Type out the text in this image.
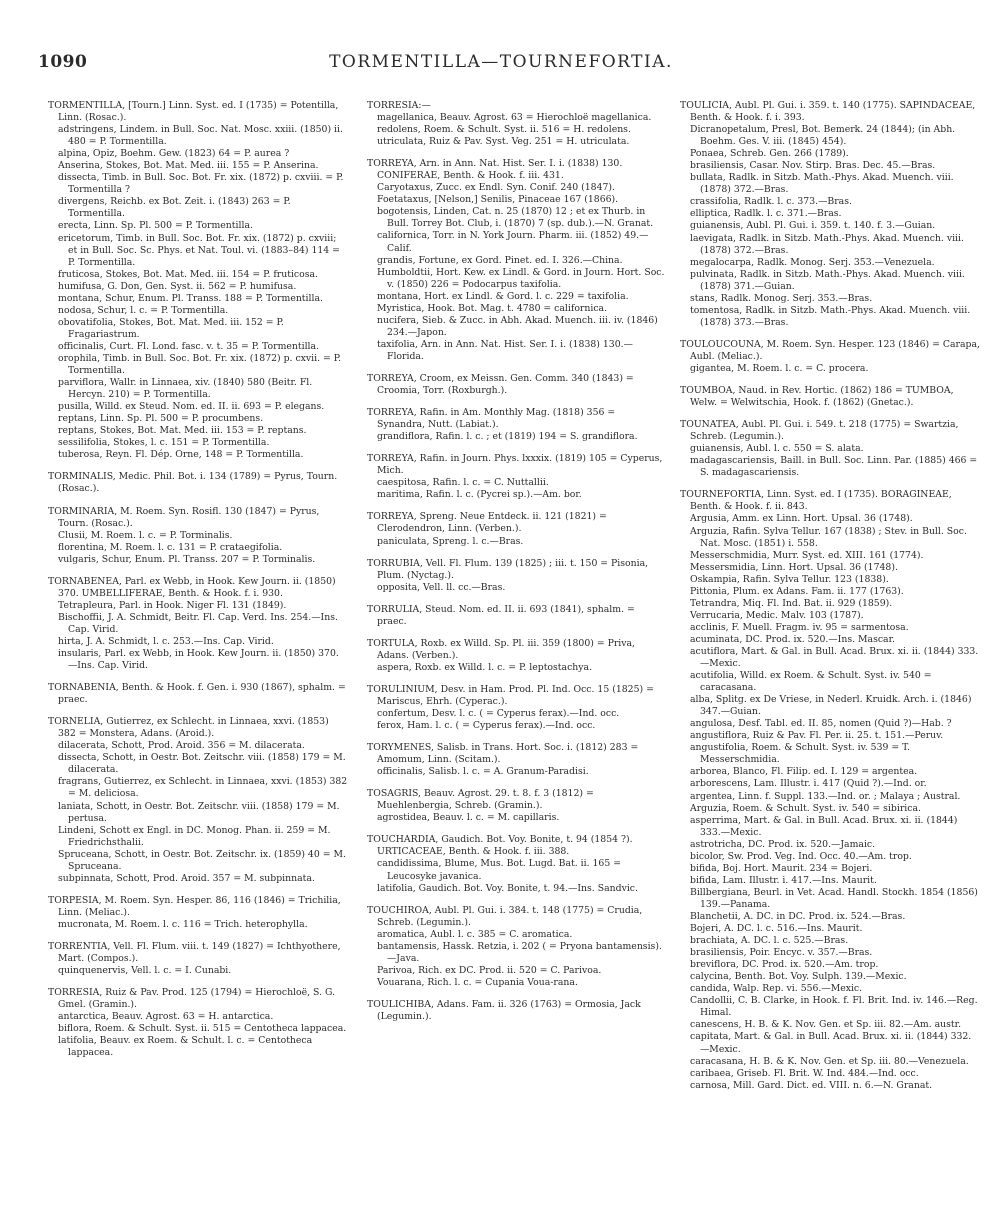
1090	TORMENTILLA—TOURNEFORTIA.
TORMENTILLA, [Tourn.] Linn. Syst. ed. I (1735) = Potentilla, Linn. (Rosac.).
adstringens, Lindem. in Bull. Soc. Nat. Mosc. xxiii. (1850) ii. 480 = P. Tormentilla.
alpina, Opiz, Boehm. Gew. (1823) 64 = P. aurea ?
Anserina, Stokes, Bot. Mat. Med. iii. 155 = P. Anserina.
dissecta, Timb. in Bull. Soc. Bot. Fr. xix. (1872) p. cxviii. = P. Tormentilla ?
divergens, Reichb. ex Bot. Zeit. i. (1843) 263 = P. Tormentilla.
erecta, Linn. Sp. Pl. 500 = P. Tormentilla.
ericetorum, Timb. in Bull. Soc. Bot. Fr. xix. (1872) p. cxviii; et in Bull. Soc. Sc. Phys. et Nat. Toul. vi. (1883–84) 114 = P. Tormentilla.
fruticosa, Stokes, Bot. Mat. Med. iii. 154 = P. fruticosa.
humifusa, G. Don, Gen. Syst. ii. 562 = P. humifusa.
montana, Schur, Enum. Pl. Transs. 188 = P. Tormentilla.
nodosa, Schur, l. c. = P. Tormentilla.
obovatifolia, Stokes, Bot. Mat. Med. iii. 152 = P. Fragariastrum.
officinalis, Curt. Fl. Lond. fasc. v. t. 35 = P. Tormentilla.
orophila, Timb. in Bull. Soc. Bot. Fr. xix. (1872) p. cxvii. = P. Tormentilla.
parviflora, Wallr. in Linnaea, xiv. (1840) 580 (Beitr. Fl. Hercyn. 210) = P. Tormentilla.
pusilla, Willd. ex Steud. Nom. ed. II. ii. 693 = P. elegans.
reptans, Linn. Sp. Pl. 500 = P. procumbens.
reptans, Stokes, Bot. Mat. Med. iii. 153 = P. reptans.
sessilifolia, Stokes, l. c. 151 = P. Tormentilla.
tuberosa, Reyn. Fl. Dép. Orne, 148 = P. Tormentilla.
TORMINALIS, Medic. Phil. Bot. i. 134 (1789) = Pyrus, Tourn. (Rosac.).
TORMINARIA, M. Roem. Syn. Rosifl. 130 (1847) = Pyrus, Tourn. (Rosac.).
Clusii, M. Roem. l. c. = P. Torminalis.
florentina, M. Roem. l. c. 131 = P. crataegifolia.
vulgaris, Schur, Enum. Pl. Transs. 207 = P. Torminalis.
TORNABENEA, Parl. ex Webb, in Hook. Kew Journ. ii. (1850) 370. UMBELLIFERAE, Benth. & Hook. f. i. 930.
Tetrapleura, Parl. in Hook. Niger Fl. 131 (1849).
Bischoffii, J. A. Schmidt, Beitr. Fl. Cap. Verd. Ins. 254.—Ins. Cap. Virid.
hirta, J. A. Schmidt, l. c. 253.—Ins. Cap. Virid.
insularis, Parl. ex Webb, in Hook. Kew Journ. ii. (1850) 370.—Ins. Cap. Virid.
TORNABENIA, Benth. & Hook. f. Gen. i. 930 (1867), sphalm. = praec.
TORNELIA, Gutierrez, ex Schlecht. in Linnaea, xxvi. (1853) 382 = Monstera, Adans. (Aroid.).
dilacerata, Schott, Prod. Aroid. 356 = M. dilacerata.
dissecta, Schott, in Oestr. Bot. Zeitschr. viii. (1858) 179 = M. dilacerata.
fragrans, Gutierrez, ex Schlecht. in Linnaea, xxvi. (1853) 382 = M. deliciosa.
laniata, Schott, in Oestr. Bot. Zeitschr. viii. (1858) 179 = M. pertusa.
Lindeni, Schott ex Engl. in DC. Monog. Phan. ii. 259 = M. Friedrichsthalii.
Spruceana, Schott, in Oestr. Bot. Zeitschr. ix. (1859) 40 = M. Spruceana.
subpinnata, Schott, Prod. Aroid. 357 = M. subpinnata.
TORPESIA, M. Roem. Syn. Hesper. 86, 116 (1846) = Trichilia, Linn. (Meliac.).
mucronata, M. Roem. l. c. 116 = Trich. heterophylla.
TORRENTIA, Vell. Fl. Flum. viii. t. 149 (1827) = Ichthyothere, Mart. (Compos.).
quinquenervis, Vell. l. c. = I. Cunabi.
TORRESIA, Ruiz & Pav. Prod. 125 (1794) = Hierochloë, S. G. Gmel. (Gramin.).
antarctica, Beauv. Agrost. 63 = H. antarctica.
biflora, Roem. & Schult. Syst. ii. 515 = Centotheca lappacea.
latifolia, Beauv. ex Roem. & Schult. l. c. = Centotheca lappacea.
TORRESIA:—
magellanica, Beauv. Agrost. 63 = Hierochloë magellanica.
redolens, Roem. & Schult. Syst. ii. 516 = H. redolens.
utriculata, Ruiz & Pav. Syst. Veg. 251 = H. utriculata.
TORREYA, Arn. in Ann. Nat. Hist. Ser. I. i. (1838) 130. CONIFERAE, Benth. & Hook. f. iii. 431.
Caryotaxus, Zucc. ex Endl. Syn. Conif. 240 (1847).
Foetataxus, [Nelson,] Senilis, Pinaceae 167 (1866).
bogotensis, Linden, Cat. n. 25 (1870) 12 ; et ex Thurb. in Bull. Torrey Bot. Club, i. (1870) 7 (sp. dub.).—N. Granat.
californica, Torr. in N. York Journ. Pharm. iii. (1852) 49.—Calif.
grandis, Fortune, ex Gord. Pinet. ed. I. 326.—China.
Humboldtii, Hort. Kew. ex Lindl. & Gord. in Journ. Hort. Soc. v. (1850) 226 = Podocarpus taxifolia.
montana, Hort. ex Lindl. & Gord. l. c. 229 = taxifolia.
Myristica, Hook. Bot. Mag. t. 4780 = californica.
nucifera, Sieb. & Zucc. in Abh. Akad. Muench. iii. iv. (1846) 234.—Japon.
taxifolia, Arn. in Ann. Nat. Hist. Ser. I. i. (1838) 130.—Florida.
TORREYA, Croom, ex Meissn. Gen. Comm. 340 (1843) = Croomia, Torr. (Roxburgh.).
TORREYA, Rafin. in Am. Monthly Mag. (1818) 356 = Synandra, Nutt. (Labiat.).
grandiflora, Rafin. l. c. ; et (1819) 194 = S. grandiflora.
TORREYA, Rafin. in Journ. Phys. lxxxix. (1819) 105 = Cyperus, Mich.
caespitosa, Rafin. l. c. = C. Nuttallii.
maritima, Rafin. l. c. (Pycrei sp.).—Am. bor.
TORREYA, Spreng. Neue Entdeck. ii. 121 (1821) = Clerodendron, Linn. (Verben.).
paniculata, Spreng. l. c.—Bras.
TORRUBIA, Vell. Fl. Flum. 139 (1825) ; iii. t. 150 = Pisonia, Plum. (Nyctag.).
opposita, Vell. ll. cc.—Bras.
TORRULIA, Steud. Nom. ed. II. ii. 693 (1841), sphalm. = praec.
TORTULA, Roxb. ex Willd. Sp. Pl. iii. 359 (1800) = Priva, Adans. (Verben.).
aspera, Roxb. ex Willd. l. c. = P. leptostachya.
TORULINIUM, Desv. in Ham. Prod. Pl. Ind. Occ. 15 (1825) = Mariscus, Ehrh. (Cyperac.).
confertum, Desv. l. c. ( = Cyperus ferax).—Ind. occ.
ferox, Ham. l. c. ( = Cyperus ferax).—Ind. occ.
TORYMENES, Salisb. in Trans. Hort. Soc. i. (1812) 283 = Amomum, Linn. (Scitam.).
officinalis, Salisb. l. c. = A. Granum-Paradisi.
TOSAGRIS, Beauv. Agrost. 29. t. 8. f. 3 (1812) = Muehlenbergia, Schreb. (Gramin.).
agrostidea, Beauv. l. c. = M. capillaris.
TOUCHARDIA, Gaudich. Bot. Voy. Bonite, t. 94 (1854 ?). URTICACEAE, Benth. & Hook. f. iii. 388.
candidissima, Blume, Mus. Bot. Lugd. Bat. ii. 165 = Leucosyke javanica.
latifolia, Gaudich. Bot. Voy. Bonite, t. 94.—Ins. Sandvic.
TOUCHIROA, Aubl. Pl. Gui. i. 384. t. 148 (1775) = Crudia, Schreb. (Legumin.).
aromatica, Aubl. l. c. 385 = C. aromatica.
bantamensis, Hassk. Retzia, i. 202 ( = Pryona bantamensis).—Java.
Parivoa, Rich. ex DC. Prod. ii. 520 = C. Parivoa.
Vouarana, Rich. l. c. = Cupania Voua-rana.
TOULICHIBA, Adans. Fam. ii. 326 (1763) = Ormosia, Jack (Legumin.).
TOULICIA, Aubl. Pl. Gui. i. 359. t. 140 (1775). SAPINDACEAE, Benth. & Hook. f. i. 393.
Dicranopetalum, Presl, Bot. Bemerk. 24 (1844); (in Abh. Boehm. Ges. V. iii. (1845) 454).
Ponaea, Schreb. Gen. 266 (1789).
brasiliensis, Casar. Nov. Stirp. Bras. Dec. 45.—Bras.
bullata, Radlk. in Sitzb. Math.-Phys. Akad. Muench. viii. (1878) 372.—Bras.
crassifolia, Radlk. l. c. 373.—Bras.
elliptica, Radlk. l. c. 371.—Bras.
guianensis, Aubl. Pl. Gui. i. 359. t. 140. f. 3.—Guian.
laevigata, Radlk. in Sitzb. Math.-Phys. Akad. Muench. viii. (1878) 372.—Bras.
megalocarpa, Radlk. Monog. Serj. 353.—Venezuela.
pulvinata, Radlk. in Sitzb. Math.-Phys. Akad. Muench. viii. (1878) 371.—Guian.
stans, Radlk. Monog. Serj. 353.—Bras.
tomentosa, Radlk. in Sitzb. Math.-Phys. Akad. Muench. viii. (1878) 373.—Bras.
TOULOUCOUNA, M. Roem. Syn. Hesper. 123 (1846) = Carapa, Aubl. (Meliac.).
gigantea, M. Roem. l. c. = C. procera.
TOUMBOA, Naud. in Rev. Hortic. (1862) 186 = TUMBOA, Welw. = Welwitschia, Hook. f. (1862) (Gnetac.).
TOUNATEA, Aubl. Pl. Gui. i. 549. t. 218 (1775) = Swartzia, Schreb. (Legumin.).
guianensis, Aubl. l. c. 550 = S. alata.
madagascariensis, Baill. in Bull. Soc. Linn. Par. (1885) 466 = S. madagascariensis.
TOURNEFORTIA, Linn. Syst. ed. I (1735). BORAGINEAE, Benth. & Hook. f. ii. 843.
Argusia, Amm. ex Linn. Hort. Upsal. 36 (1748).
Arguzia, Rafin. Sylva Tellur. 167 (1838) ; Stev. in Bull. Soc. Nat. Mosc. (1851) i. 558.
Messerschmidia, Murr. Syst. ed. XIII. 161 (1774).
Messersmidia, Linn. Hort. Upsal. 36 (1748).
Oskampia, Rafin. Sylva Tellur. 123 (1838).
Pittonia, Plum. ex Adans. Fam. ii. 177 (1763).
Tetrandra, Miq. Fl. Ind. Bat. ii. 929 (1859).
Verrucaria, Medic. Malv. 103 (1787).
acclinis, F. Muell. Fragm. iv. 95 = sarmentosa.
acuminata, DC. Prod. ix. 520.—Ins. Mascar.
acutiflora, Mart. & Gal. in Bull. Acad. Brux. xi. ii. (1844) 333.—Mexic.
acutifolia, Willd. ex Roem. & Schult. Syst. iv. 540 = caracasana.
alba, Splitg. ex De Vriese, in Nederl. Kruidk. Arch. i. (1846) 347.—Guian.
angulosa, Desf. Tabl. ed. II. 85, nomen (Quid ?)—Hab. ?
angustiflora, Ruiz & Pav. Fl. Per. ii. 25. t. 151.—Peruv.
angustifolia, Roem. & Schult. Syst. iv. 539 = T. Messerschmidia.
arborea, Blanco, Fl. Filip. ed. I. 129 = argentea.
arborescens, Lam. Illustr. i. 417 (Quid ?).—Ind. or.
argentea, Linn. f. Suppl. 133.—Ind. or. ; Malaya ; Austral.
Arguzia, Roem. & Schult. Syst. iv. 540 = sibirica.
asperrima, Mart. & Gal. in Bull. Acad. Brux. xi. ii. (1844) 333.—Mexic.
astrotricha, DC. Prod. ix. 520.—Jamaic.
bicolor, Sw. Prod. Veg. Ind. Occ. 40.—Am. trop.
bifida, Boj. Hort. Maurit. 234 = Bojeri.
bifida, Lam. Illustr. i. 417.—Ins. Maurit.
Billbergiana, Beurl. in Vet. Acad. Handl. Stockh. 1854 (1856) 139.—Panama.
Blanchetii, A. DC. in DC. Prod. ix. 524.—Bras.
Bojeri, A. DC. l. c. 516.—Ins. Maurit.
brachiata, A. DC. l. c. 525.—Bras.
brasiliensis, Poir. Encyc. v. 357.—Bras.
breviflora, DC. Prod. ix. 520.—Am. trop.
calycina, Benth. Bot. Voy. Sulph. 139.—Mexic.
candida, Walp. Rep. vi. 556.—Mexic.
Candollii, C. B. Clarke, in Hook. f. Fl. Brit. Ind. iv. 146.—Reg. Himal.
canescens, H. B. & K. Nov. Gen. et Sp. iii. 82.—Am. austr.
capitata, Mart. & Gal. in Bull. Acad. Brux. xi. ii. (1844) 332.—Mexic.
caracasana, H. B. & K. Nov. Gen. et Sp. iii. 80.—Venezuela.
caribaea, Griseb. Fl. Brit. W. Ind. 484.—Ind. occ.
carnosa, Mill. Gard. Dict. ed. VIII. n. 6.—N. Granat.
